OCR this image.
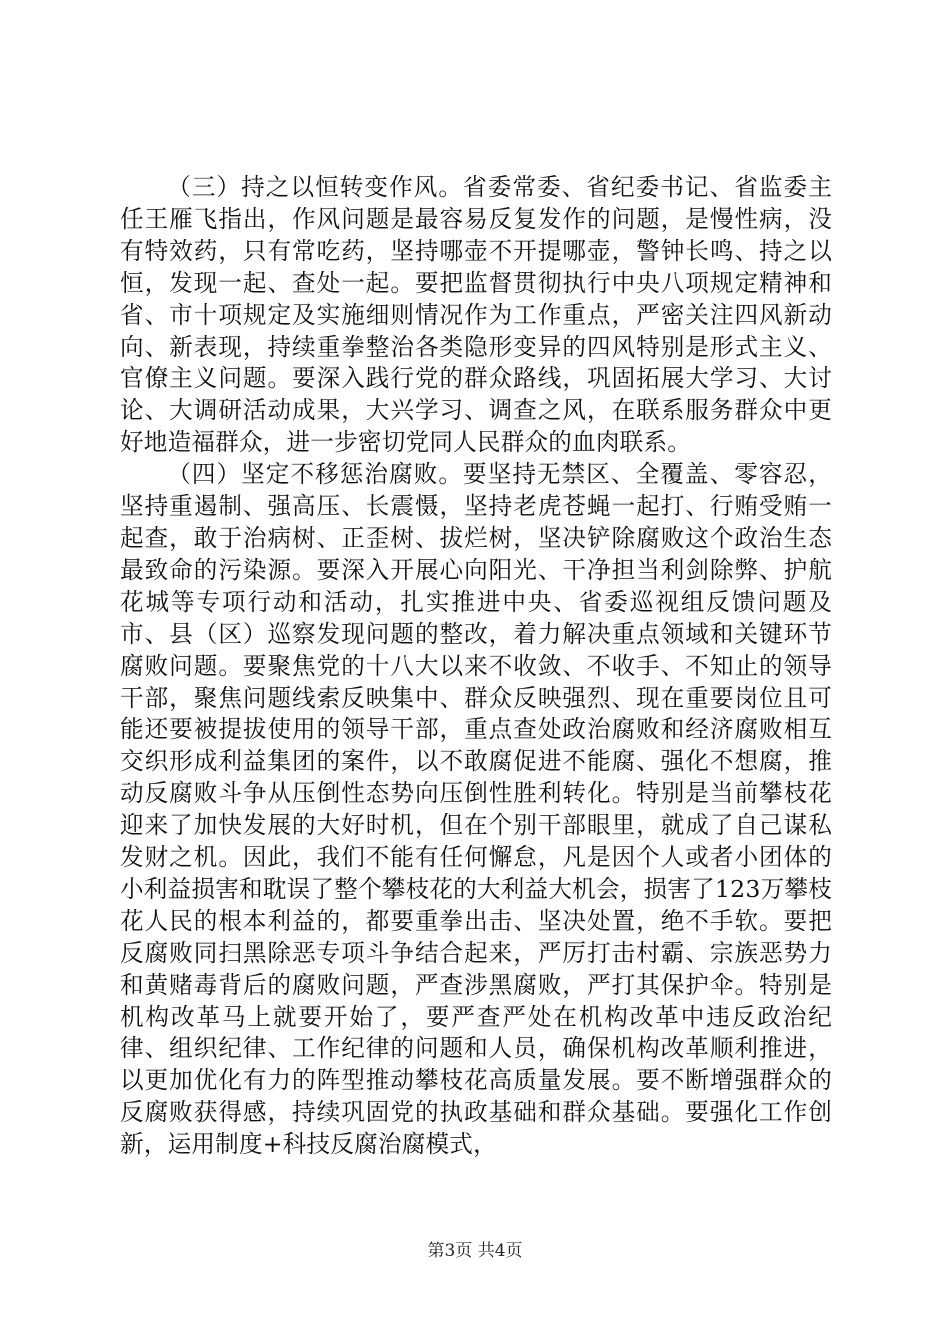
（三）持之以恒转变作风。省委常委、省纪委书记、省监委主任王雁飞指出，作风问题是最容易反复发作的问题，是慢性病，没有特效药，只有常吃药，坚持哪壶不开提哪壶，警钟长鸣、持之以恒，发现一起、查处一起。要把监督贯彻执行中央八项规定精神和省、市十项规定及实施细则情况作为工作重点，严密关注四风新动向、新表现，持续重拳整治各类隐形变异的四风特别是形式主义、官僚主义问题。要深入践行党的群众路线，巩固拓展大学习、大讨论、大调研活动成果，大兴学习、调查之风，在联系服务群众中更好地造福群众，进一步密切党同人民群众的血肉联系。

（四）坚定不移惩治腐败。要坚持无禁区、全覆盖、零容忍，坚持重遏制、强高压、长震慑，坚持老虎苍蝇一起打、行贿受贿一起查，敢于治病树、正歪树、拔烂树，坚决铲除腐败这个政治生态最致命的污染源。要深入开展心向阳光、干净担当利剑除弊、护航花城等专项行动和活动，扎实推进中央、省委巡视组反馈问题及市、县（区）巡察发现问题的整改，着力解决重点领域和关键环节腐败问题。要聚焦党的十八大以来不收敛、不收手、不知止的领导干部，聚焦问题线索反映集中、群众反映强烈、现在重要岗位且可能还要被提拔使用的领导干部，重点查处政治腐败和经济腐败相互交织形成利益集团的案件，以不敢腐促进不能腐、强化不想腐，推动反腐败斗争从压倒性态势向压倒性胜利转化。特别是当前攀枝花迎来了加快发展的大好时机，但在个别干部眼里，就成了自己谋私发财之机。因此，我们不能有任何懈怠，凡是因个人或者小团体的小利益损害和耽误了整个攀枝花的大利益大机会，损害了123万攀枝花人民的根本利益的，都要重拳出击、坚决处置，绝不手软。要把反腐败同扫黑除恶专项斗争结合起来，严厉打击村霸、宗族恶势力和黄赌毒背后的腐败问题，严查涉黑腐败，严打其保护伞。特别是机构改革马上就要开始了，要严查严处在机构改革中违反政治纪律、组织纪律、工作纪律的问题和人员，确保机构改革顺利推进，以更加优化有力的阵型推动攀枝花高质量发展。要不断增强群众的反腐败获得感，持续巩固党的执政基础和群众基础。要强化工作创新，运用制度+科技反腐治腐模式，

第3页 共4页
